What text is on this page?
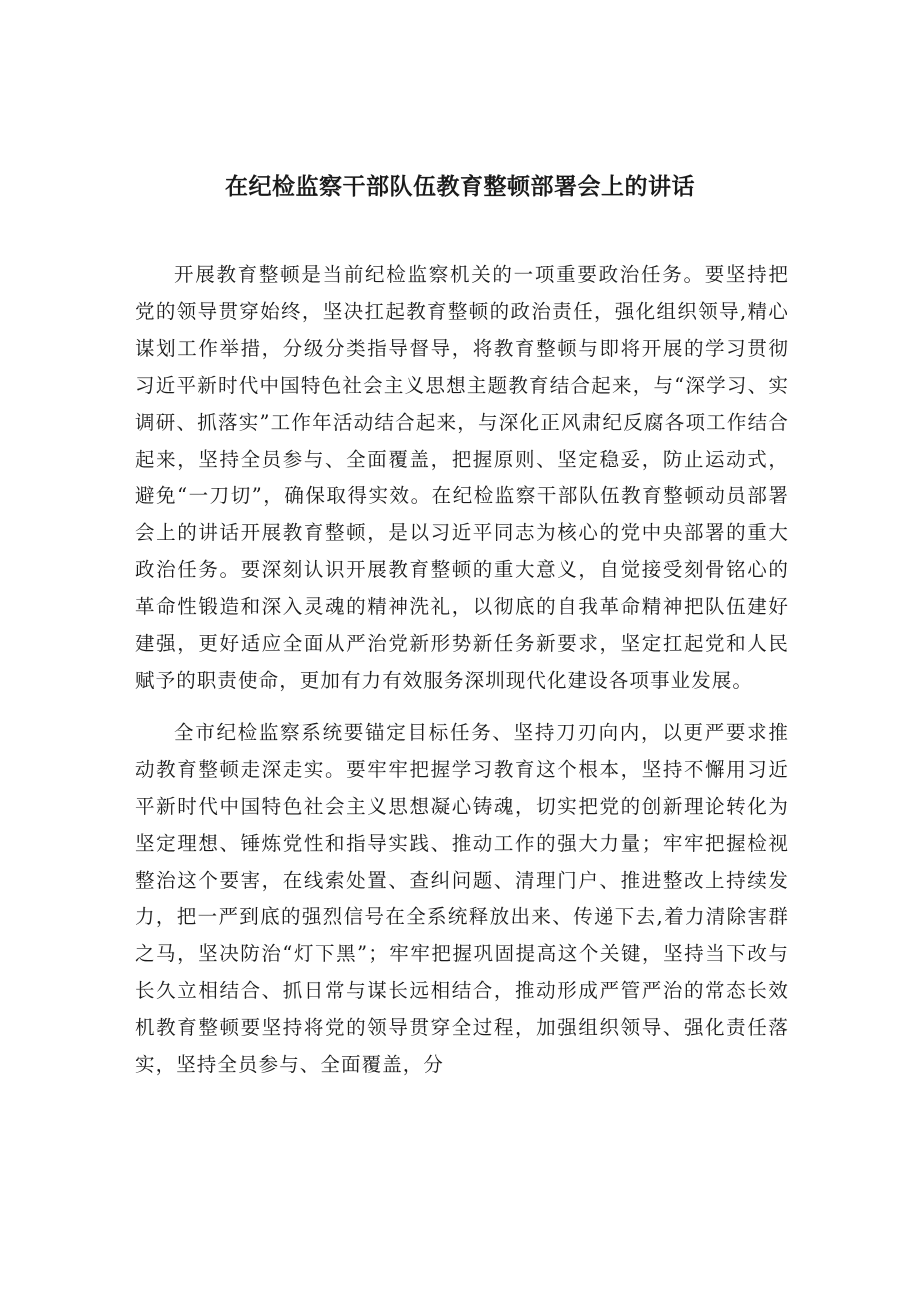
在纪检监察干部队伍教育整顿部署会上的讲话

开展教育整顿是当前纪检监察机关的一项重要政治任务。要坚持把党的领导贯穿始终，坚决扛起教育整顿的政治责任，强化组织领导,精心谋划工作举措，分级分类指导督导，将教育整顿与即将开展的学习贯彻习近平新时代中国特色社会主义思想主题教育结合起来，与“深学习、实调研、抓落实”工作年活动结合起来，与深化正风肃纪反腐各项工作结合起来，坚持全员参与、全面覆盖，把握原则、坚定稳妥，防止运动式，避免“一刀切”，确保取得实效。在纪检监察干部队伍教育整顿动员部署会上的讲话开展教育整顿，是以习近平同志为核心的党中央部署的重大政治任务。要深刻认识开展教育整顿的重大意义，自觉接受刻骨铭心的革命性锻造和深入灵魂的精神洗礼，以彻底的自我革命精神把队伍建好建强，更好适应全面从严治党新形势新任务新要求，坚定扛起党和人民赋予的职责使命，更加有力有效服务深圳现代化建设各项事业发展。

全市纪检监察系统要锚定目标任务、坚持刀刃向内，以更严要求推动教育整顿走深走实。要牢牢把握学习教育这个根本，坚持不懈用习近平新时代中国特色社会主义思想凝心铸魂，切实把党的创新理论转化为坚定理想、锤炼党性和指导实践、推动工作的强大力量；牢牢把握检视整治这个要害，在线索处置、查纠问题、清理门户、推进整改上持续发力，把一严到底的强烈信号在全系统释放出来、传递下去,着力清除害群之马，坚决防治“灯下黑”；牢牢把握巩固提高这个关键，坚持当下改与长久立相结合、抓日常与谋长远相结合，推动形成严管严治的常态长效机教育整顿要坚持将党的领导贯穿全过程，加强组织领导、强化责任落实，坚持全员参与、全面覆盖，分
